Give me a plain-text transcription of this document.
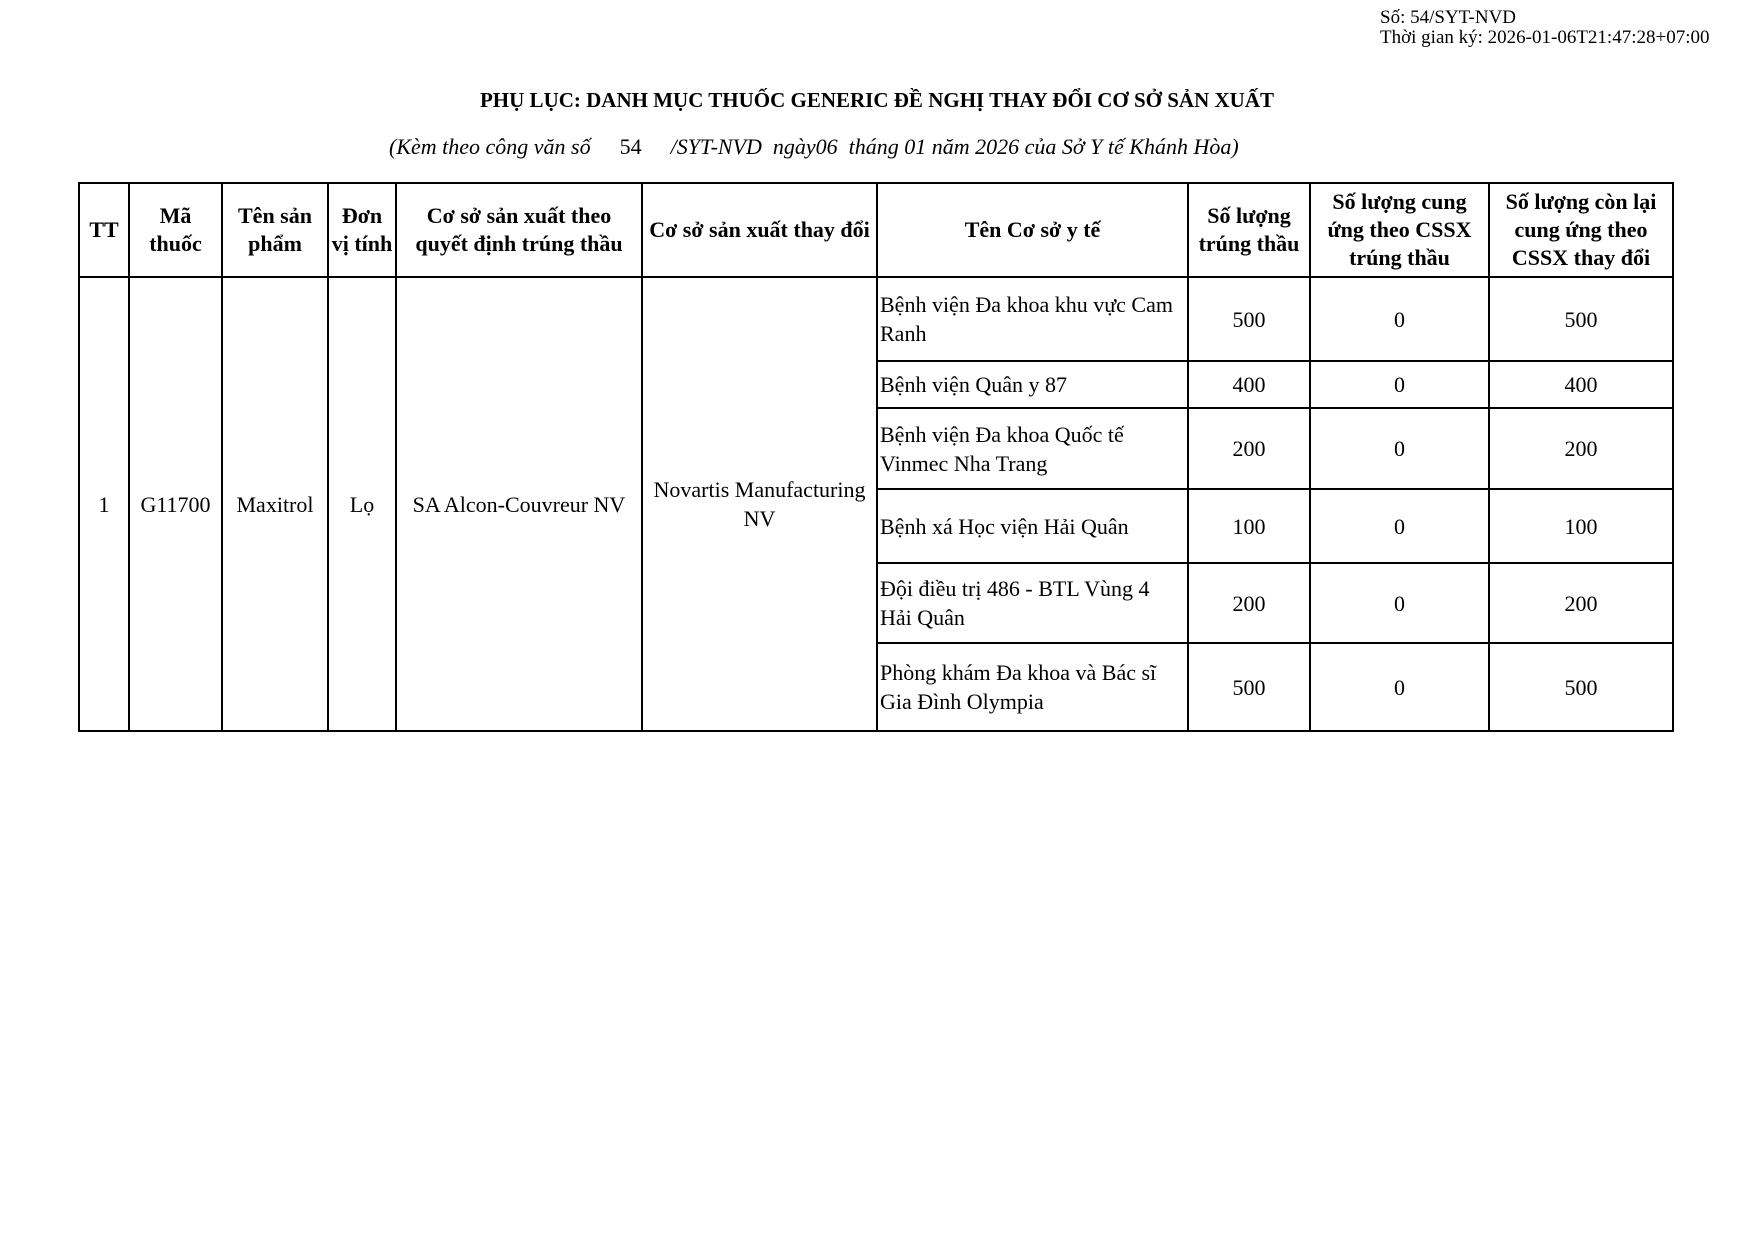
Số: 54/SYT-NVD
Thời gian ký: 2026-01-06T21:47:28+07:00
PHỤ LỤC: DANH MỤC THUỐC GENERIC ĐỀ NGHỊ THAY ĐỔI CƠ SỞ SẢN XUẤT
(Kèm theo công văn số 54 /SYT-NVD  ngày06  tháng 01 năm 2026 của Sở Y tế Khánh Hòa)
TT	Mã thuốc	Tên sản phẩm	Đơn vị tính	Cơ sở sản xuất theo quyết định trúng thầu	Cơ sở sản xuất thay đổi	Tên Cơ sở y tế	Số lượng trúng thầu	Số lượng cung ứng theo CSSX trúng thầu	Số lượng còn lại cung ứng theo CSSX thay đổi
1	G11700	Maxitrol	Lọ	SA Alcon-Couvreur NV	Novartis Manufacturing NV	Bệnh viện Đa khoa khu vực Cam Ranh	500	0	500
						Bệnh viện Quân y 87	400	0	400
						Bệnh viện Đa khoa Quốc tế Vinmec Nha Trang	200	0	200
						Bệnh xá Học viện Hải Quân	100	0	100
						Đội điều trị 486 - BTL Vùng 4 Hải Quân	200	0	200
						Phòng khám Đa khoa và Bác sĩ Gia Đình Olympia	500	0	500
